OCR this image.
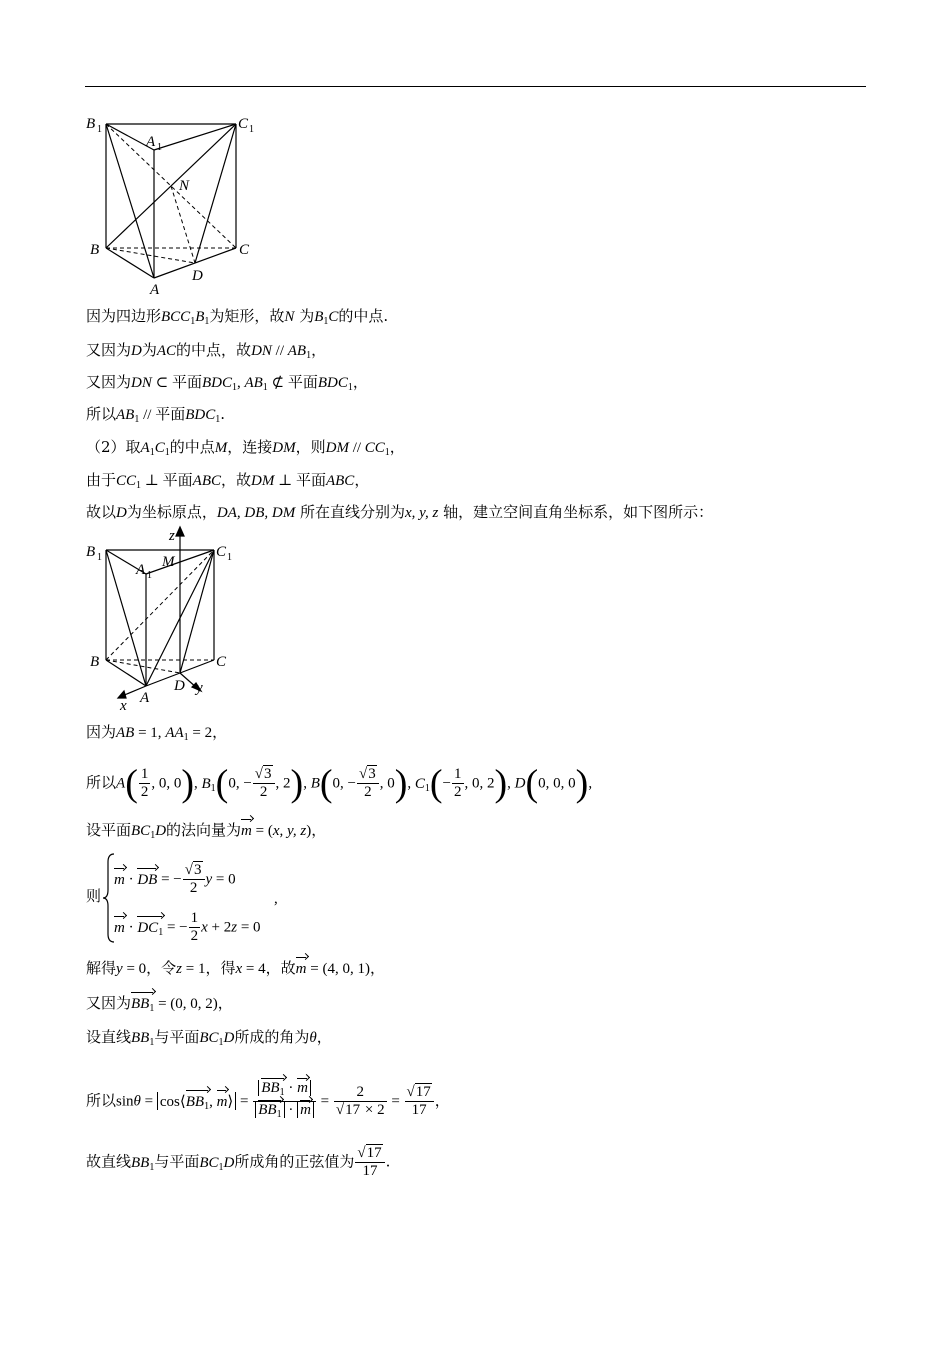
B 1	C 1
A 1
N
B	C
D
A
因为四边形$BCC_1B_1$为矩形，故N 为$B_1C$的中点.
又因为D为AC的中点，故DN // $AB_1$，
又因为DN ⊂ 平面$BDC_1$, $AB_1$ ⊄ 平面$BDC_1$，
所以$AB_1$ // 平面$BDC_1$.
（2）取$A_1C_1$的中点M，连接DM，则DM // $CC_1$，
由于$CC_1$ ⊥ 平面ABC，故DM ⊥ 平面ABC，
故以D为坐标原点，DA, DB, DM 所在直线分别为x, y, z 轴，建立空间直角坐标系，如下图所示：
z
M
B 1	C 1
A 1
B	C
D y
A
x
因为AB = 1, $AA_1 = 2$，
所以$A( \frac{1}{2}$ , 0, 0), $B_1(0$, − $\frac{√3}{2}$ , 2), B(0, − $\frac{√3}{2}$ , 0), $C_1(- \frac{1}{2}$ , 0, 2), D(0, 0, 0),
设平面$BC_1D$的法向量为m = (x, y, z)，
则
m · DB = − $\frac{√3}{2}$ y = 0
$m \cdot DC_1$ = − $\frac{1}{2}$ x + 2z = 0
,
解得y = 0，令z = 1，得x = 4，故m = (4, 0, 1)，
又因为$BB_1 = (0$, 0, 2)，
设直线$BB_1$与平面$BC_1D$所成的角为θ，
所以$\sin\theta = \cos⟨BB_1$, m⟩ = $\frac{BB_1 \cdot m}{BB_1 \cdot m} = \frac{2}{√17 \times 2} = \frac{√17}{17}$ ，
故直线$BB_1$与平面$BC_1D$所成角的正弦值为 $\frac{√17}{17}$ .
